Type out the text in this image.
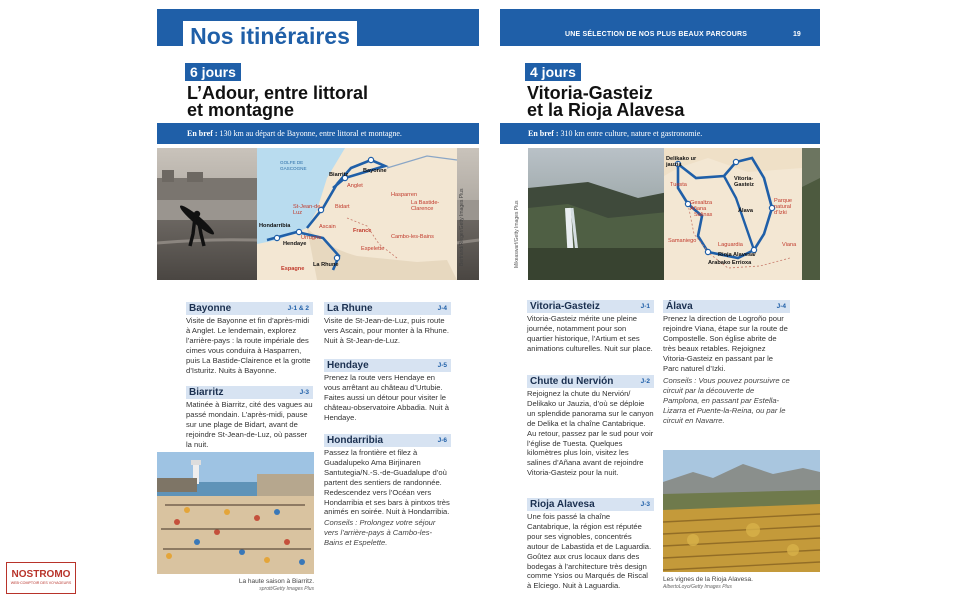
Nos itinéraires
6 jours
L’Adour, entre littoral
et montagne
En bref : 130 km au départ de Bayonne, entre littoral et montagne.
GOLFE DE GASCOGNE
Biarritz
Bayonne
Anglet
Bidart
St-Jean-de-Luz
Ascain
Hondarribia
Hendaye
Urrugne
La Rhune
Hasparren
La Bastide-Clarence
France
Cambo-les-Bains
Espelette
Espagne
Bertrand/Rieger/Getty Images Plus
Bayonne	J-1 & 2
Visite de Bayonne et fin d’après-midi à Anglet. Le lendemain, explorez l’arrière-pays : la route impériale des cimes vous conduira à Hasparren, puis La Bastide-Clairence et la grotte d’Isturitz. Nuits à Bayonne.
Biarritz	J-3
Matinée à Biarritz, cité des vagues au passé mondain. L’après-midi, pause sur une plage de Bidart, avant de rejoindre St-Jean-de-Luz, où passer la nuit.
La Rhune	J-4
Visite de St-Jean-de-Luz, puis route vers Ascain, pour monter à la Rhune. Nuit à St-Jean-de-Luz.
Hendaye	J-5
Prenez la route vers Hendaye en vous arrêtant au château d’Urtubie. Faites aussi un détour pour visiter le château-observatoire Abbadia. Nuit à Hendaye.
Hondarribia	J-6
Passez la frontière et filez à Guadalupeko Ama Birjinaren Santutegia/N.-S.-de-Guadalupe d’où partent des sentiers de randonnée. Redescendez vers l’Océan vers Hondarribia et ses bars à pintxos très animés en soirée. Nuit à Hondarribia.
Conseils : Prolongez votre séjour vers l’arrière-pays à Cambo-les-Bains et Espelette.
La haute saison à Biarritz.
sprott/Getty Images Plus
UNE SÉLECTION DE NOS PLUS BEAUX PARCOURS	19
4 jours
Vitoria-Gasteiz
et la Rioja Alavesa
En bref : 310 km entre culture, nature et gastronomie.
Delikako ur jauzia
Tuesta
Vitoria-Gasteiz
Gesaltza Añana
Salinas
Álava
Parque natural d’Izki
Samaniego
Laguardia
Rioja Alavesa/
Arabako Errioxa
Viana
Mikeaswarf/Getty Images Plus
Vitoria-Gasteiz	J-1
Vitoria-Gasteiz mérite une pleine journée, notamment pour son quartier historique, l’Artium et ses animations culturelles. Nuit sur place.
Chute du Nervión	J-2
Rejoignez la chute du Nervión/ Delikako ur Jauzia, d’où se déploie un splendide panorama sur le canyon de Delika et la chaîne Cantabrique. Au retour, passez par le sud pour voir l’église de Tuesta. Quelques kilomètres plus loin, visitez les salines d’Añana avant de rejoindre Vitoria-Gasteiz pour la nuit.
Rioja Alavesa	J-3
Une fois passé la chaîne Cantabrique, la région est réputée pour ses vignobles, concentrés autour de Labastida et de Laguardia. Goûtez aux crus locaux dans des bodegas à l’architecture très design comme Ysios ou Marqués de Riscal à Elciego. Nuit à Laguardia.
Álava	J-4
Prenez la direction de Logroño pour rejoindre Viana, étape sur la route de Compostelle. Son église abrite de très beaux retables. Rejoignez Vitoria-Gasteiz en passant par le Parc naturel d’Izki.
Conseils : Vous pouvez poursuivre ce circuit par la découverte de Pamplona, en passant par Estella-Lizarra et Puente-la-Reina, ou par le circuit en Navarre.
Les vignes de la Rioja Alavesa.
AlbertoLoyo/Getty Images Plus
NOSTROMO
WEB·COMPTOIR DES VOYAGEURS
